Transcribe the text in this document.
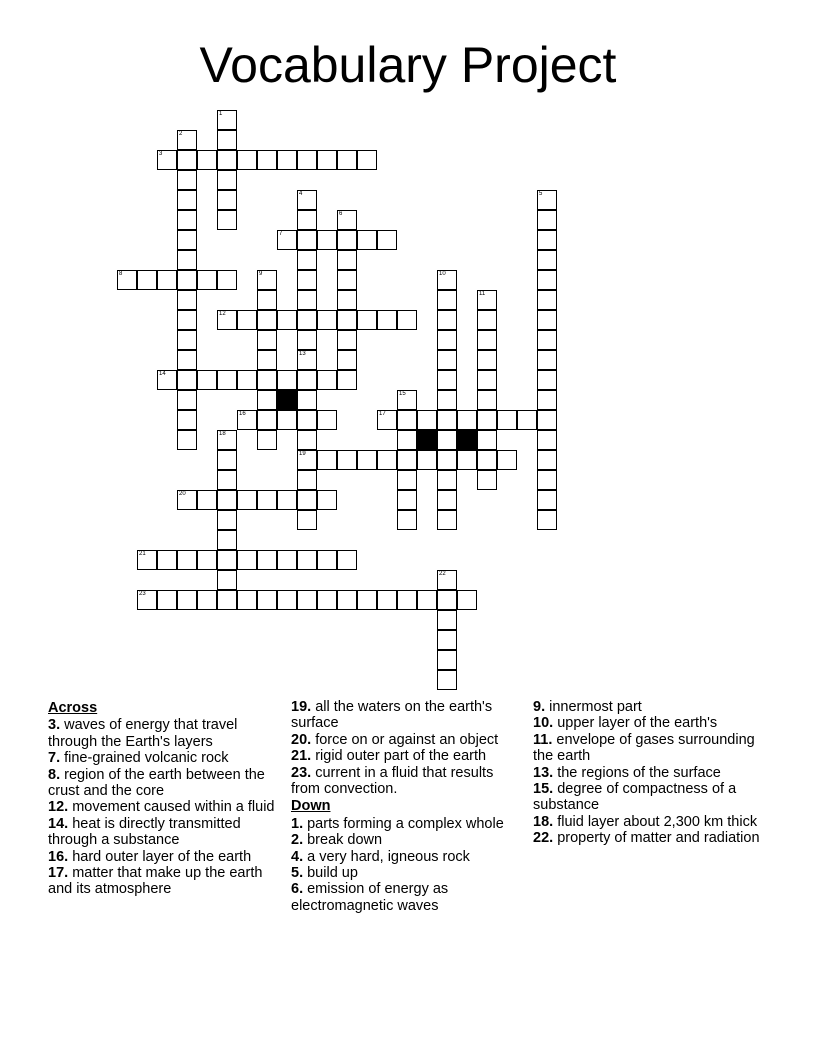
Vocabulary Project
3
7
8
12
14
16	17
19
20
21
23
1
2
4
13
5
6
9	10
11
15
18
22
Across
3. waves of energy that travel through the Earth's layers
7. fine-grained volcanic rock
8. region of the earth between the crust and the core
12. movement caused within a fluid
14. heat is directly transmitted through a substance
16. hard outer layer of the earth
17. matter that make up the earth and its atmosphere
19. all the waters on the earth's surface
20. force on or against an object
21. rigid outer part of the earth
23. current in a fluid that results from convection.
Down
1. parts forming a complex whole
2. break down
4. a very hard, igneous rock
5. build up
6. emission of energy as electromagnetic waves
9. innermost part
10. upper layer of the earth's
11. envelope of gases surrounding the earth
13. the regions of the surface
15. degree of compactness of a substance
18. fluid layer about 2,300 km thick
22. property of matter and radiation
